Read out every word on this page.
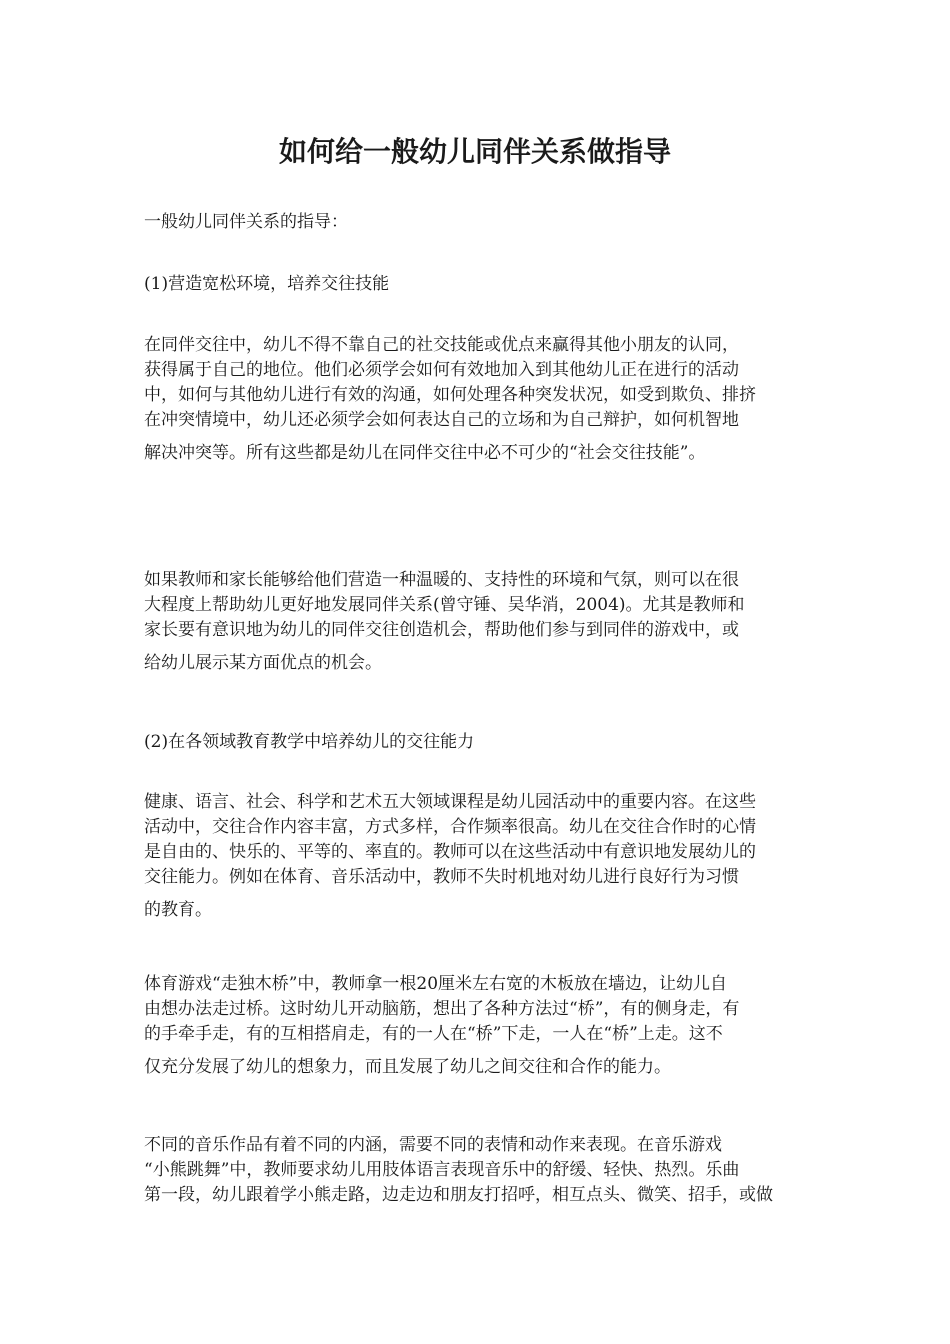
如何给一般幼儿同伴关系做指导

一般幼儿同伴关系的指导：

(1)营造宽松环境，培养交往技能

在同伴交往中，幼儿不得不靠自己的社交技能或优点来赢得其他小朋友的认同，
获得属于自己的地位。他们必须学会如何有效地加入到其他幼儿正在进行的活动
中，如何与其他幼儿进行有效的沟通，如何处理各种突发状况，如受到欺负、排挤
在冲突情境中，幼儿还必须学会如何表达自己的立场和为自己辩护，如何机智地
解决冲突等。所有这些都是幼儿在同伴交往中必不可少的“社会交往技能”。
如果教师和家长能够给他们营造一种温暖的、支持性的环境和气氛，则可以在很
大程度上帮助幼儿更好地发展同伴关系(曾守锤、吴华消，2004)。尤其是教师和
家长要有意识地为幼儿的同伴交往创造机会，帮助他们参与到同伴的游戏中，或
给幼儿展示某方面优点的机会。

(2)在各领域教育教学中培养幼儿的交往能力

健康、语言、社会、科学和艺术五大领域课程是幼儿园活动中的重要内容。在这些
活动中，交往合作内容丰富，方式多样，合作频率很高。幼儿在交往合作时的心情
是自由的、快乐的、平等的、率直的。教师可以在这些活动中有意识地发展幼儿的
交往能力。例如在体育、音乐活动中，教师不失时机地对幼儿进行良好行为习惯
的教育。
体育游戏“走独木桥”中，教师拿一根20厘米左右宽的木板放在墙边，让幼儿自
由想办法走过桥。这时幼儿开动脑筋，想出了各种方法过“桥”，有的侧身走，有
的手牵手走，有的互相搭肩走，有的一人在“桥”下走，一人在“桥”上走。这不
仅充分发展了幼儿的想象力，而且发展了幼儿之间交往和合作的能力。
不同的音乐作品有着不同的内涵，需要不同的表情和动作来表现。在音乐游戏
“小熊跳舞”中，教师要求幼儿用肢体语言表现音乐中的舒缓、轻快、热烈。乐曲
第一段，幼儿跟着学小熊走路，边走边和朋友打招呼，相互点头、微笑、招手，或做
